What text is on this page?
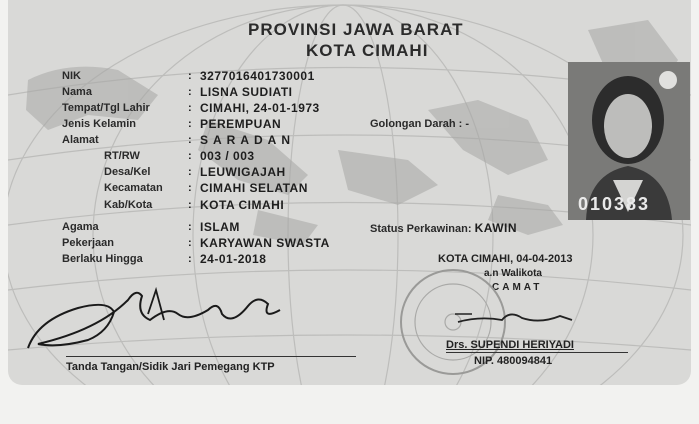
PROVINSI JAWA BARAT
KOTA CIMAHI
NIK
Nama
Tempat/Tgl Lahir
Jenis Kelamin
Alamat
RT/RW
Desa/Kel
Kecamatan
Kab/Kota
Agama
Pekerjaan
Berlaku Hingga
:
:
:
:
:
:
:
:
:
:
:
:
3277016401730001
LISNA SUDIATI
CIMAHI, 24-01-1973
PEREMPUAN
SARADAN
003 / 003
LEUWIGAJAH
CIMAHI SELATAN
KOTA CIMAHI
ISLAM
KARYAWAN SWASTA
24-01-2018
Golongan Darah : -
Status Perkawinan: KAWIN
010383
KOTA CIMAHI, 04-04-2013
a.n Walikota
CAMAT
Drs. SUPENDI HERIYADI
NIP. 480094841
Tanda Tangan/Sidik Jari Pemegang KTP
